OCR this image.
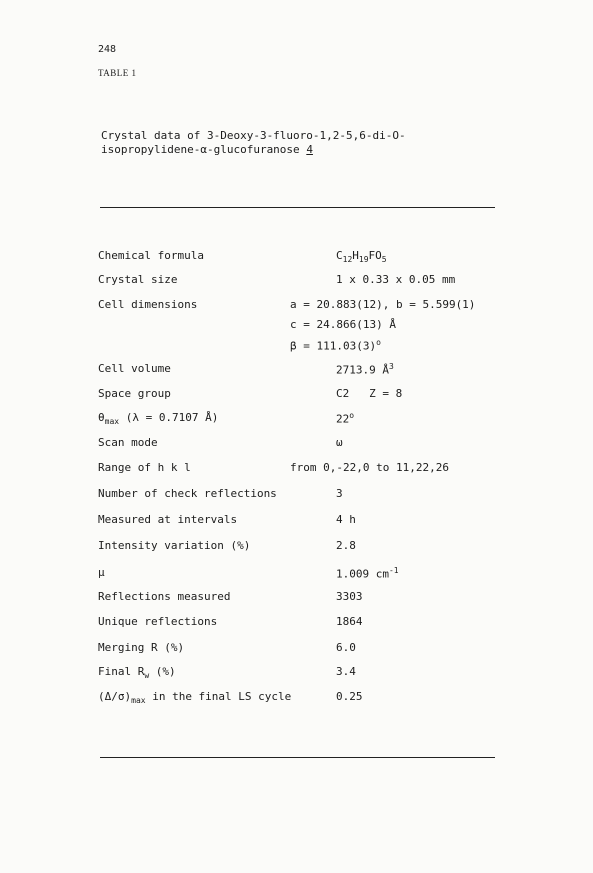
248
TABLE 1
Crystal data of 3-Deoxy-3-fluoro-1,2-5,6-di-O-
isopropylidene-α-glucofuranose 4
Chemical formula	$C_{12}H_{19}FO_5$
Crystal size	1 x 0.33 x 0.05 mm
Cell dimensions	a = 20.883(12), b = 5.599(1)
c = 24.866(13) Å
$\beta = 111.03(3)^o$
Cell volume	2713.9 $Å^3$
Space group	C2   Z = 8
$\theta_{max}$ (λ = 0.7107 Å)	22$^o$
Scan mode	ω
Range of h k l	from 0,-22,0 to 11,22,26
Number of check reflections	3
Measured at intervals	4 h
Intensity variation (%)	2.8
μ	1.009 $cm^{-1}$
Reflections measured	3303
Unique reflections	1864
Merging R (%)	6.0
Final $R_w$ (%)	3.4
$(\Delta/\sigma)_{max}$ in the final LS cycle	0.25
